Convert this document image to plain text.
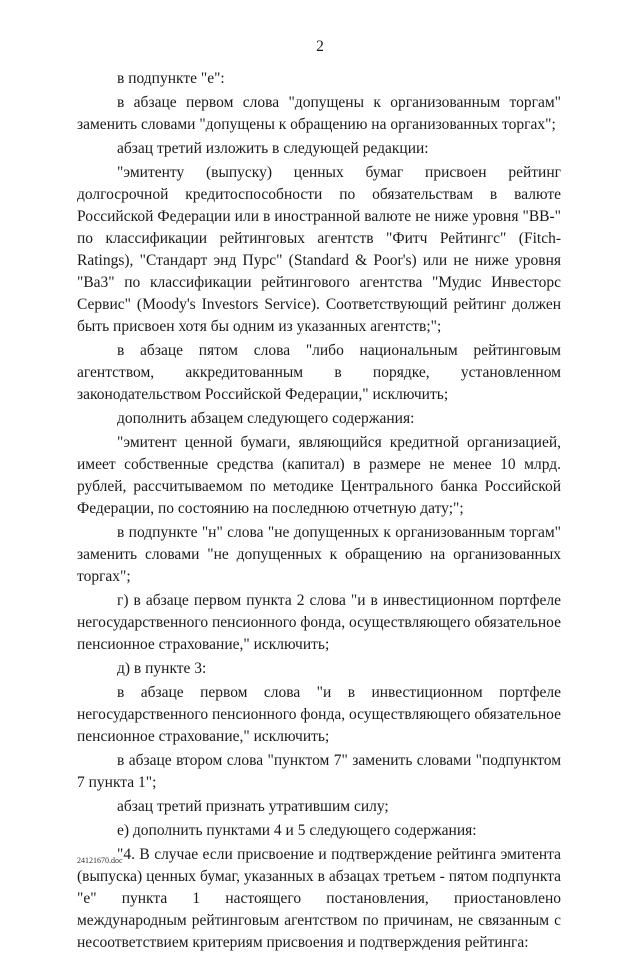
2

в подпункте "е":

в абзаце первом слова "допущены к организованным торгам" заменить словами "допущены к обращению на организованных торгах";

абзац третий изложить в следующей редакции:

"эмитенту (выпуску) ценных бумаг присвоен рейтинг долгосрочной кредитоспособности по обязательствам в валюте Российской Федерации или в иностранной валюте не ниже уровня "BB-" по классификации рейтинговых агентств "Фитч Рейтингс" (Fitch-Ratings), "Стандарт энд Пурс" (Standard & Poor's) или не ниже уровня "Ba3" по классификации рейтингового агентства "Мудис Инвесторс Сервис" (Moody's Investors Service). Соответствующий рейтинг должен быть присвоен хотя бы одним из указанных агентств;";

в абзаце пятом слова "либо национальным рейтинговым агентством, аккредитованным в порядке, установленном законодательством Российской Федерации," исключить;

дополнить абзацем следующего содержания:

"эмитент ценной бумаги, являющийся кредитной организацией, имеет собственные средства (капитал) в размере не менее 10 млрд. рублей, рассчитываемом по методике Центрального банка Российской Федерации, по состоянию на последнюю отчетную дату;";

в подпункте "н" слова "не допущенных к организованным торгам" заменить словами "не допущенных к обращению на организованных торгах";

г) в абзаце первом пункта 2 слова "и в инвестиционном портфеле негосударственного пенсионного фонда, осуществляющего обязательное пенсионное страхование," исключить;

д) в пункте 3:

в абзаце первом слова "и в инвестиционном портфеле негосударственного пенсионного фонда, осуществляющего обязательное пенсионное страхование," исключить;

в абзаце втором слова "пунктом 7" заменить словами "подпунктом 7 пункта 1";

абзац третий признать утратившим силу;

е) дополнить пунктами 4 и 5 следующего содержания:

"4. В случае если присвоение и подтверждение рейтинга эмитента (выпуска) ценных бумаг, указанных в абзацах третьем - пятом подпункта "е" пункта 1 настоящего постановления, приостановлено международным рейтинговым агентством по причинам, не связанным с несоответствием критериям присвоения и подтверждения рейтинга:

24121670.doc
